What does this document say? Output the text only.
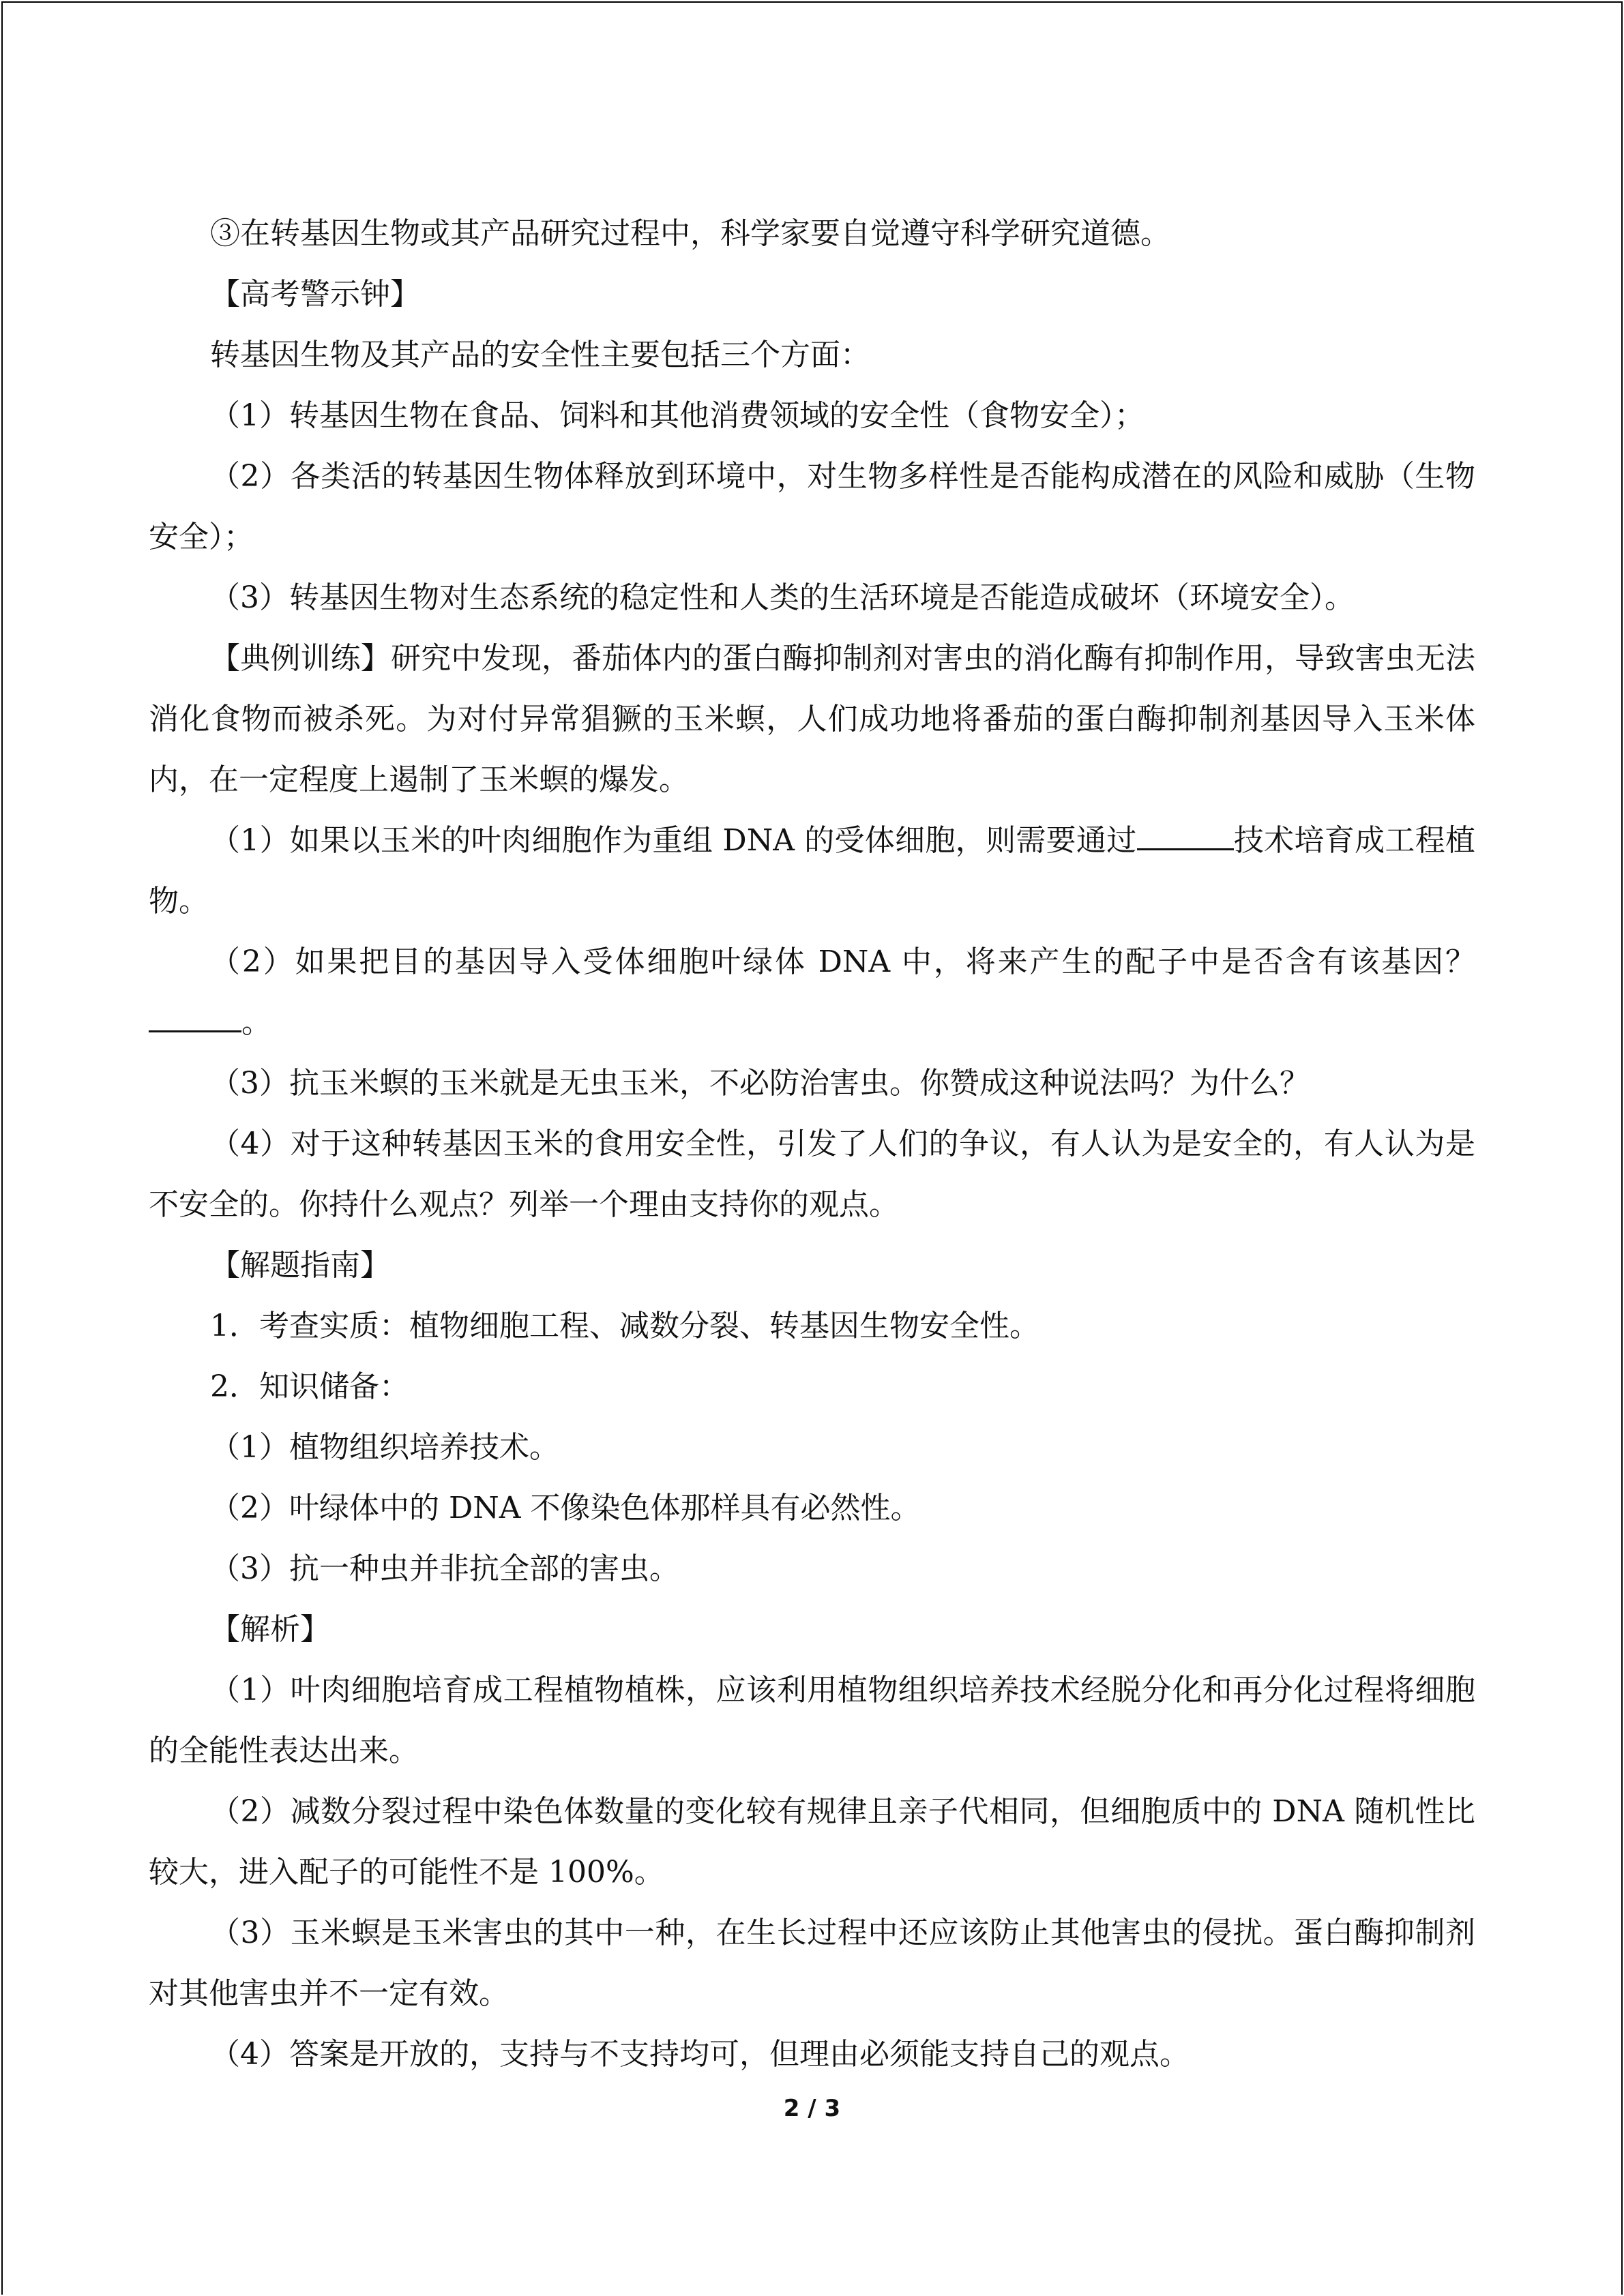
③在转基因生物或其产品研究过程中，科学家要自觉遵守科学研究道德。

【高考警示钟】

转基因生物及其产品的安全性主要包括三个方面：

（1）转基因生物在食品、饲料和其他消费领域的安全性（食物安全）；

（2）各类活的转基因生物体释放到环境中，对生物多样性是否能构成潜在的风险和威胁（生物安全）；

（3）转基因生物对生态系统的稳定性和人类的生活环境是否能造成破坏（环境安全）。

【典例训练】研究中发现，番茄体内的蛋白酶抑制剂对害虫的消化酶有抑制作用，导致害虫无法消化食物而被杀死。为对付异常猖獗的玉米螟，人们成功地将番茄的蛋白酶抑制剂基因导入玉米体内，在一定程度上遏制了玉米螟的爆发。

（1）如果以玉米的叶肉细胞作为重组 DNA 的受体细胞，则需要通过	技术培育成工程植物。

（2）如果把目的基因导入受体细胞叶绿体 DNA 中，将来产生的配子中是否含有该基因？。

（3）抗玉米螟的玉米就是无虫玉米，不必防治害虫。你赞成这种说法吗？为什么？

（4）对于这种转基因玉米的食用安全性，引发了人们的争议，有人认为是安全的，有人认为是不安全的。你持什么观点？列举一个理由支持你的观点。

【解题指南】

1．考查实质：植物细胞工程、减数分裂、转基因生物安全性。

2．知识储备：

（1）植物组织培养技术。

（2）叶绿体中的 DNA 不像染色体那样具有必然性。

（3）抗一种虫并非抗全部的害虫。

【解析】

（1）叶肉细胞培育成工程植物植株，应该利用植物组织培养技术经脱分化和再分化过程将细胞的全能性表达出来。

（2）减数分裂过程中染色体数量的变化较有规律且亲子代相同，但细胞质中的 DNA 随机性比较大，进入配子的可能性不是 100%。

（3）玉米螟是玉米害虫的其中一种，在生长过程中还应该防止其他害虫的侵扰。蛋白酶抑制剂对其他害虫并不一定有效。

（4）答案是开放的，支持与不支持均可，但理由必须能支持自己的观点。

2 / 3
